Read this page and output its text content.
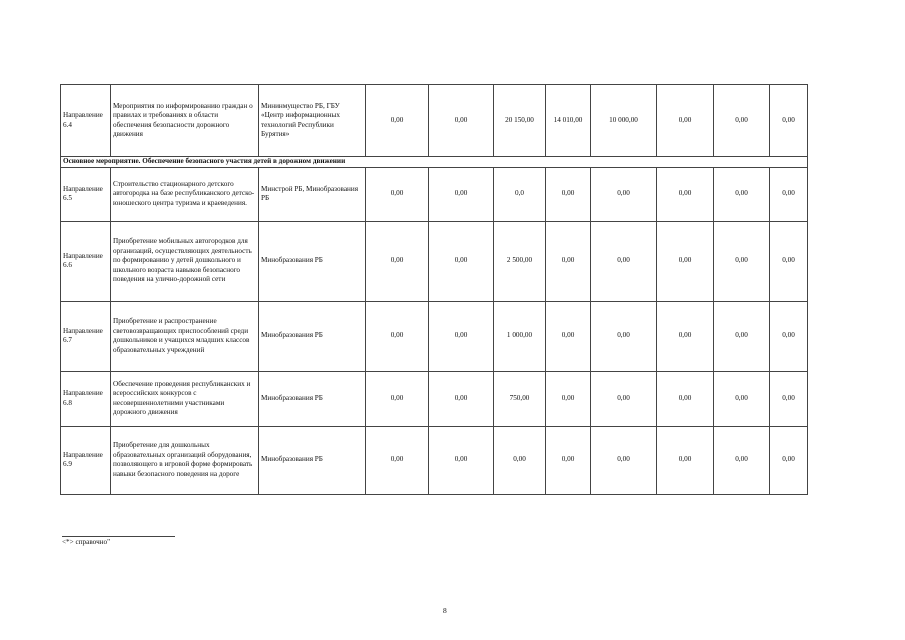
Направление 6.4	Мероприятия по информированию граждан о правилах и требованиях в области обеспечения безопасности дорожного движения	Мининмущество РБ, ГБУ «Центр информационных технологий Республики Бурятия»	0,00	0,00	20 150,00	14 010,00	10 000,00	0,00	0,00	0,00
Основное мероприятие. Обеспечение безопасного участия детей в дорожном движении										
Направление 6.5	Строительство стационарного детского автогородка на базе республиканского детско-юношеского центра туризма и краеведения.	Минстрой РБ, Минобразования РБ	0,00	0,00	0,0	0,00	0,00	0,00	0,00	0,00
Направление 6.6	Приобретение мобильных автогородков для организаций, осуществляющих деятельность по формированию у детей дошкольного и школьного возраста навыков безопасного поведения на улично-дорожной сети	Минобразования РБ	0,00	0,00	2 500,00	0,00	0,00	0,00	0,00	0,00
Направление 6.7	Приобретение и распространение световозвращающих приспособлений среди дошкольников и учащихся младших классов образовательных учреждений	Минобразования РБ	0,00	0,00	1 000,00	0,00	0,00	0,00	0,00	0,00
Направление 6.8	Обеспечение проведения республиканских и всероссийских конкурсов с несовершеннолетними участниками дорожного движения	Минобразования РБ	0,00	0,00	750,00	0,00	0,00	0,00	0,00	0,00
Направление 6.9	Приобретение для дошкольных образовательных организаций оборудования, позволяющего в игровой форме формировать навыки безопасного поведения на дороге	Минобразования РБ	0,00	0,00	0,00	0,00	0,00	0,00	0,00	0,00
<*> справочно"
8
